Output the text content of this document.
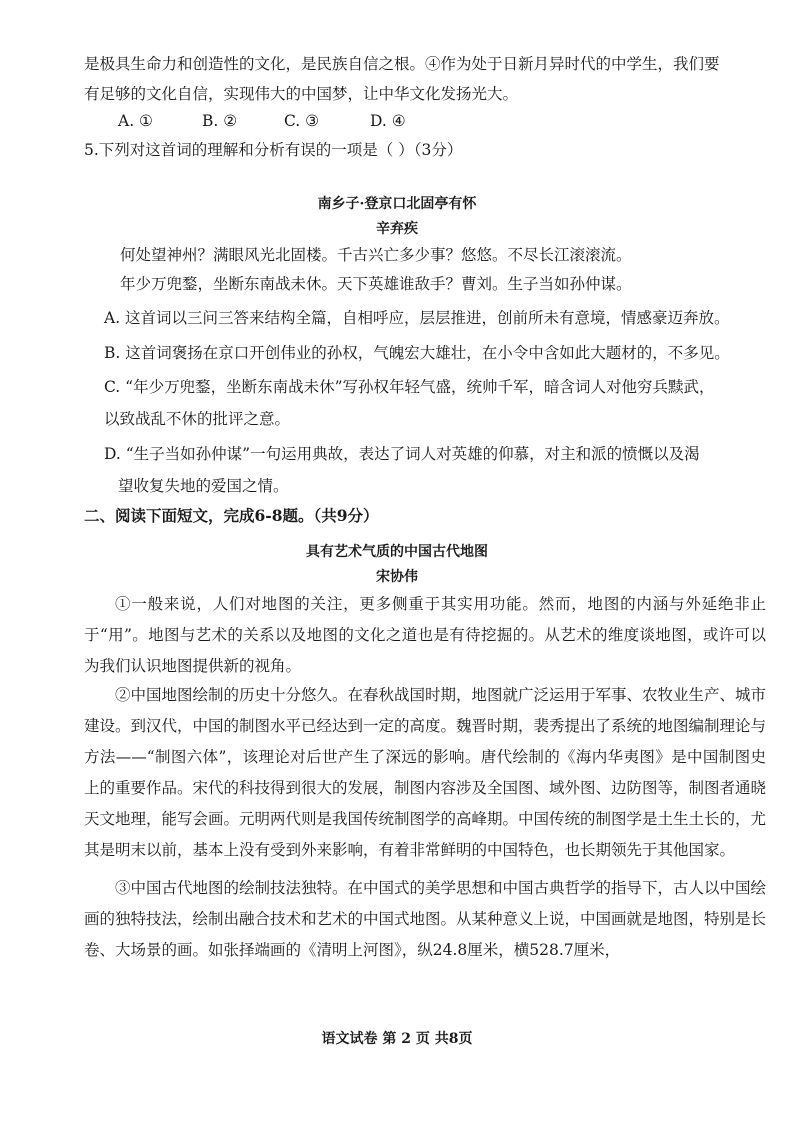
是极具生命力和创造性的文化，是民族自信之根。④作为处于日新月异时代的中学生，我们要
有足够的文化自信，实现伟大的中国梦，让中华文化发扬光大。
A. ①	B. ②	C. ③	D. ④
5.下列对这首词的理解和分析有误的一项是（ ）（3分）
南乡子·登京口北固亭有怀
辛弃疾
何处望神州？满眼风光北固楼。千古兴亡多少事？悠悠。不尽长江滚滚流。
年少万兜鍪，坐断东南战未休。天下英雄谁敌手？曹刘。生子当如孙仲谋。
A. 这首词以三问三答来结构全篇，自相呼应，层层推进，创前所未有意境，情感豪迈奔放。
B. 这首词褒扬在京口开创伟业的孙权，气魄宏大雄壮，在小令中含如此大题材的，不多见。
C. “年少万兜鍪，坐断东南战未休”写孙权年轻气盛，统帅千军，暗含词人对他穷兵黩武，
以致战乱不休的批评之意。
D. “生子当如孙仲谋”一句运用典故，表达了词人对英雄的仰慕，对主和派的愤慨以及渴
望收复失地的爱国之情。
二、阅读下面短文，完成6-8题。（共9分）
具有艺术气质的中国古代地图
宋协伟
①一般来说，人们对地图的关注，更多侧重于其实用功能。然而，地图的内涵与外延绝非止于“用”。地图与艺术的关系以及地图的文化之道也是有待挖掘的。从艺术的维度谈地图，或许可以为我们认识地图提供新的视角。
②中国地图绘制的历史十分悠久。在春秋战国时期，地图就广泛运用于军事、农牧业生产、城市建设。到汉代，中国的制图水平已经达到一定的高度。魏晋时期，裴秀提出了系统的地图编制理论与方法——“制图六体”，该理论对后世产生了深远的影响。唐代绘制的《海内华夷图》是中国制图史上的重要作品。宋代的科技得到很大的发展，制图内容涉及全国图、域外图、边防图等，制图者通晓天文地理，能写会画。元明两代则是我国传统制图学的高峰期。中国传统的制图学是土生土长的，尤其是明末以前，基本上没有受到外来影响，有着非常鲜明的中国特色，也长期领先于其他国家。
③中国古代地图的绘制技法独特。在中国式的美学思想和中国古典哲学的指导下，古人以中国绘画的独特技法，绘制出融合技术和艺术的中国式地图。从某种意义上说，中国画就是地图，特别是长卷、大场景的画。如张择端画的《清明上河图》，纵24.8厘米，横528.7厘米，
语文试卷 第 2 页 共8页
